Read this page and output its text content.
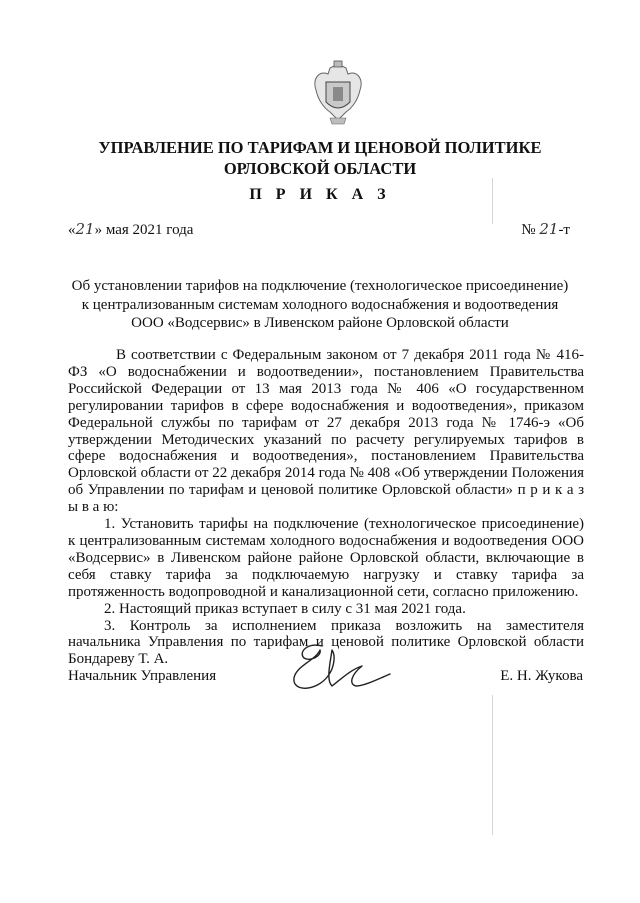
УПРАВЛЕНИЕ ПО ТАРИФАМ И ЦЕНОВОЙ ПОЛИТИКЕ
ОРЛОВСКОЙ ОБЛАСТИ
П Р И К А З
«21» мая 2021 года	№ 21-т
Об установлении тарифов на подключение (технологическое присоединение)
к централизованным системам холодного водоснабжения и водоотведения
ООО «Водсервис» в Ливенском районе Орловской области

В соответствии с Федеральным законом от 7 декабря 2011 года № 416-ФЗ «О водоснабжении и водоотведении», постановлением Правительства Российской Федерации от 13 мая 2013 года № 406 «О государственном регулировании тарифов в сфере водоснабжения и водоотведения», приказом Федеральной службы по тарифам от 27 декабря 2013 года № 1746-э «Об утверждении Методических указаний по расчету регулируемых тарифов в сфере водоснабжения и водоотведения», постановлением Правительства Орловской области от 22 декабря 2014 года № 408 «Об утверждении Положения об Управлении по тарифам и ценовой политике Орловской области» п р и к а з ы в а ю:

1. Установить тарифы на подключение (технологическое присоединение) к централизованным системам холодного водоснабжения и водоотведения ООО «Водсервис» в Ливенском районе районе Орловской области, включающие в себя ставку тарифа за подключаемую нагрузку и ставку тарифа за протяженность водопроводной и канализационной сети, согласно приложению.

2. Настоящий приказ вступает в силу с 31 мая 2021 года.

3. Контроль за исполнением приказа возложить на заместителя начальника Управления по тарифам и ценовой политике Орловской области Бондареву Т. А.

Начальник Управления	Е. Н. Жукова
